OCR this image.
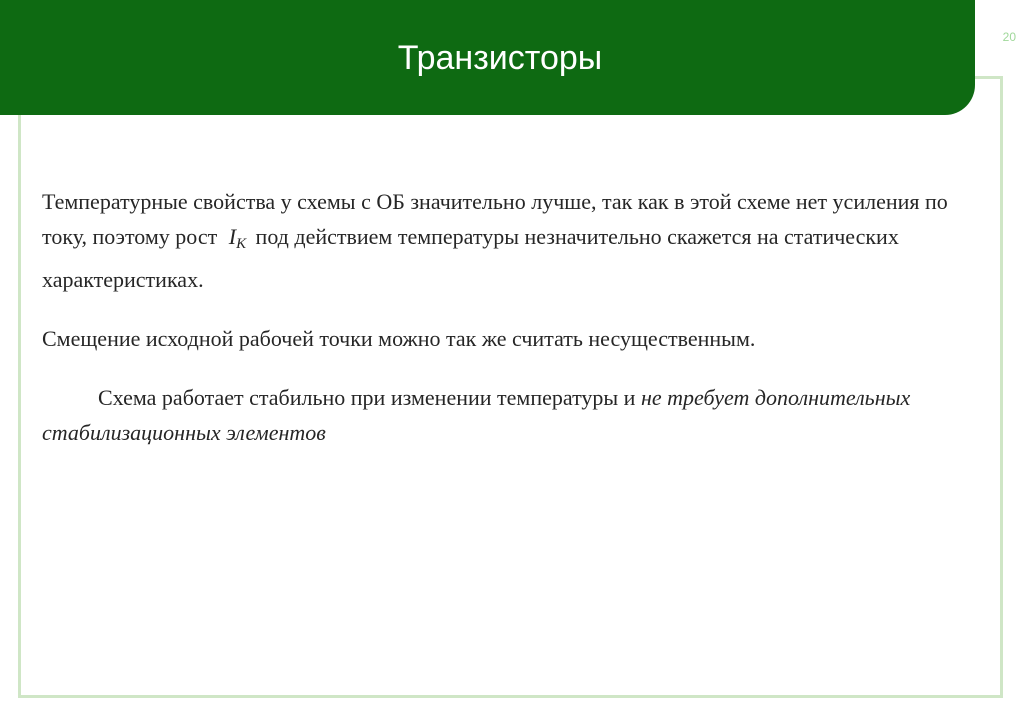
Транзисторы
20

Температурные свойства у схемы с ОБ значительно лучше, так как в этой схеме нет усиления по току, поэтому рост $I_К$ под действием температуры незначительно скажется на статических характеристиках.

Смещение исходной рабочей точки можно так же считать несущественным.

Схема работает стабильно при изменении температуры и не требует дополнительных стабилизационных элементов
